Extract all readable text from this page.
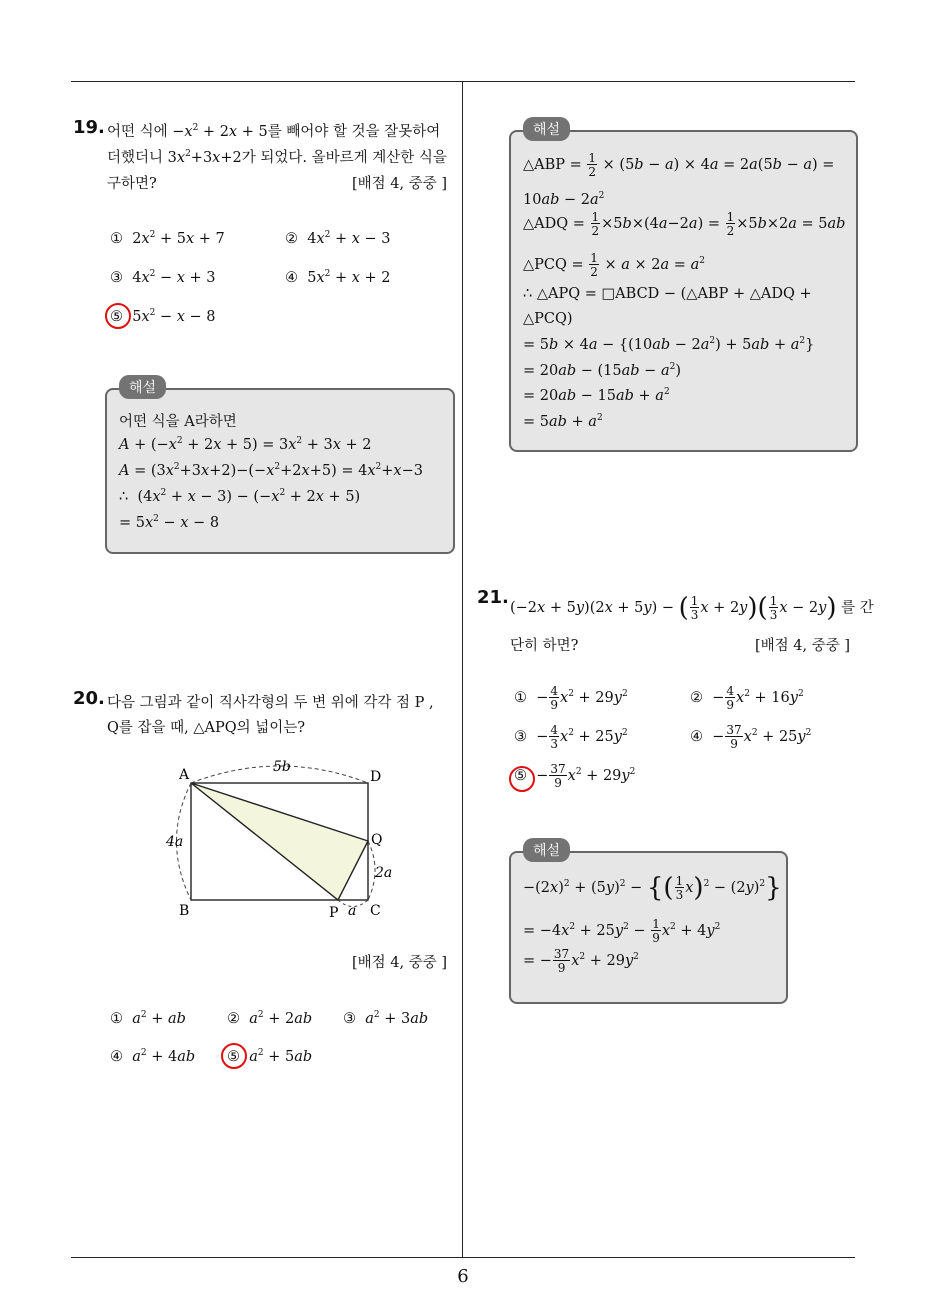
19. 어떤 식에 $-x^2 + 2x + 5$를 빼어야 할 것을 잘못하여
더했더니 $3x^2+3x+2$가 되었다. 올바르게 계산한 식을
구하면?	[배점 4, 중중 ]
①  $2x^2 + 5x + 7$	②  $4x^2 + x - 3$
③  $4x^2 - x + 3$	④  $5x^2 + x + 2$
⑤  $5x^2 - x - 8$
해설
어떤 식을 A라하면
$A + (-x^2 + 2x + 5) = 3x^2 + 3x + 2$
$A = (3x^2+3x+2)-(-x^2+2x+5) = 4x^2+x-3$
∴  $(4x^2 + x - 3) - (-x^2 + 2x + 5)$
= $5x^2 - x - 8$
20. 다음 그림과 같이 직사각형의 두 변 위에 각각 점 P ,
Q를 잡을 때, △APQ의 넓이는?
A	D
B	C
P
Q
5b
4a
2a
a
[배점 4, 중중 ]
①  $a^2$ + ab	②  $a^2 + 2ab$ ③  $a^2 + 3ab$
④  $a^2 + 4ab$ ⑤  $a^2 + 5ab$
해설
△ABP = $\frac{1}{2} \times (5b - a) \times 4a = 2a(5b - a)$ =
$10ab - 2a^2$
△ADQ = $\frac{1}{2} \times 5b\times(4a-2a) = \frac{1}{2} \times 5b\times 2a = 5ab$
△PCQ = $\frac{1}{2} \times a \times 2a = a^2$
∴ △APQ = □ABCD − (△ABP + △ADQ +
△PCQ)
= $5b \times 4a - \{(10ab - 2a^2) + 5ab + a^2\}$
= $20ab - (15ab - a^2)$
= $20ab - 15ab + a^2$
= $5ab + a^2$
21. (−2x + 5y)(2x + 5y) − ( $\frac{1}{3}$ $x + 2y)( \frac{1}{3}$ x − 2y) 를 간
단히 하면?	[배점 4, 중중 ]
①  − $\frac{4}{9} x^2 + 29y^2$	②  − $\frac{4}{9} x^2 + 16y^2$
③  − $\frac{4}{3} x^2 + 25y^2$	④  − $\frac{37}{9} x^2 + 25y^2$
⑤  − $\frac{37}{9} x^2 + 29y^2$
해설
$-(2x)^2 + (5y)^2$ − {( $\frac{1}{3} x)^2 - (2y)^2$}
= $-4x^2 + 25y^2 - \frac{1}{9} x^2 + 4y^2$
= − $\frac{37}{9} x^2 + 29y^2$
6
